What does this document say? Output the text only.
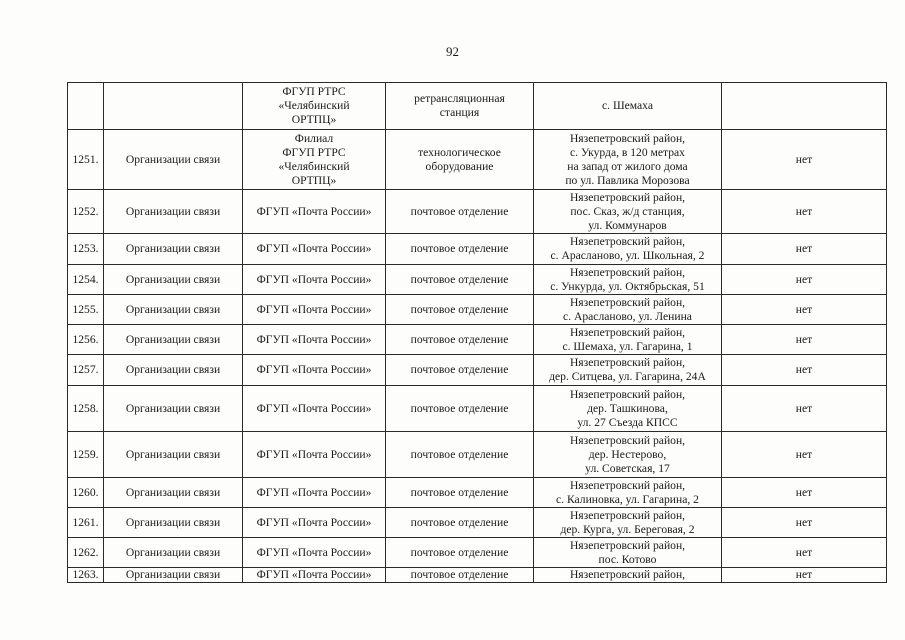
92
		ФГУП РТРС
«Челябинский
ОРТПЦ»	ретрансляционная
станция	с. Шемаха	
1251.	Организации связи	Филиал
ФГУП РТРС
«Челябинский
ОРТПЦ»	технологическое
оборудование	Нязепетровский район,
с. Укурда, в 120 метрах
на запад от жилого дома
по ул. Павлика Морозова	нет
1252.	Организации связи	ФГУП «Почта России»	почтовое отделение	Нязепетровский район,
пос. Сказ, ж/д станция,
ул. Коммунаров	нет
1253.	Организации связи	ФГУП «Почта России»	почтовое отделение	Нязепетровский район,
с. Арасланово, ул. Школьная, 2	нет
1254.	Организации связи	ФГУП «Почта России»	почтовое отделение	Нязепетровский район,
с. Ункурда, ул. Октябрьская, 51	нет
1255.	Организации связи	ФГУП «Почта России»	почтовое отделение	Нязепетровский район,
с. Арасланово, ул. Ленина	нет
1256.	Организации связи	ФГУП «Почта России»	почтовое отделение	Нязепетровский район,
с. Шемаха, ул. Гагарина, 1	нет
1257.	Организации связи	ФГУП «Почта России»	почтовое отделение	Нязепетровский район,
дер. Ситцева, ул. Гагарина, 24А	нет
1258.	Организации связи	ФГУП «Почта России»	почтовое отделение	Нязепетровский район,
дер. Ташкинова,
ул. 27 Съезда КПСС	нет
1259.	Организации связи	ФГУП «Почта России»	почтовое отделение	Нязепетровский район,
дер. Нестерово,
ул. Советская, 17	нет
1260.	Организации связи	ФГУП «Почта России»	почтовое отделение	Нязепетровский район,
с. Калиновка, ул. Гагарина, 2	нет
1261.	Организации связи	ФГУП «Почта России»	почтовое отделение	Нязепетровский район,
дер. Курга, ул. Береговая, 2	нет
1262.	Организации связи	ФГУП «Почта России»	почтовое отделение	Нязепетровский район,
пос. Котово	нет
1263.	Организации связи	ФГУП «Почта России»	почтовое отделение	Нязепетровский район,	нет
